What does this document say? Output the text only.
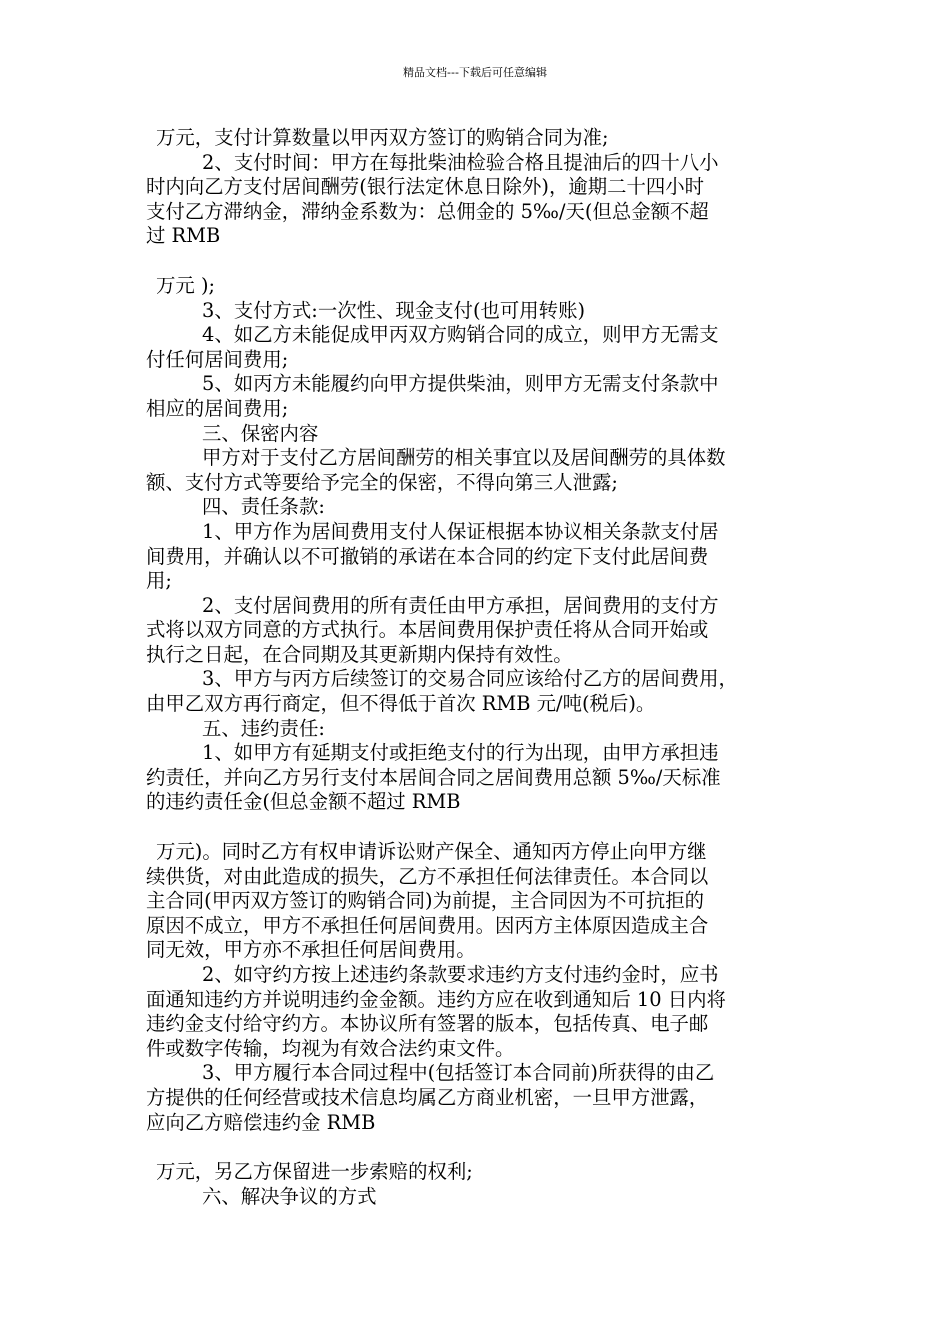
精品文档---下载后可任意编辑
万元，支付计算数量以甲丙双方签订的购销合同为准;
2、支付时间：甲方在每批柴油检验合格且提油后的四十八小
时内向乙方支付居间酬劳(银行法定休息日除外)，逾期二十四小时
支付乙方滞纳金，滞纳金系数为：总佣金的 5‰/天(但总金额不超
过 RMB
万元 );
3、支付方式:一次性、现金支付(也可用转账)
4、如乙方未能促成甲丙双方购销合同的成立，则甲方无需支
付任何居间费用;
5、如丙方未能履约向甲方提供柴油，则甲方无需支付条款中
相应的居间费用;
三、保密内容
甲方对于支付乙方居间酬劳的相关事宜以及居间酬劳的具体数
额、支付方式等要给予完全的保密，不得向第三人泄露;
四、责任条款:
1、甲方作为居间费用支付人保证根据本协议相关条款支付居
间费用，并确认以不可撤销的承诺在本合同的约定下支付此居间费
用;
2、支付居间费用的所有责任由甲方承担，居间费用的支付方
式将以双方同意的方式执行。本居间费用保护责任将从合同开始或
执行之日起，在合同期及其更新期内保持有效性。
3、甲方与丙方后续签订的交易合同应该给付乙方的居间费用，
由甲乙双方再行商定，但不得低于首次 RMB 元/吨(税后)。
五、违约责任:
1、如甲方有延期支付或拒绝支付的行为出现，由甲方承担违
约责任，并向乙方另行支付本居间合同之居间费用总额 5‰/天标准
的违约责任金(但总金额不超过 RMB
万元)。同时乙方有权申请诉讼财产保全、通知丙方停止向甲方继
续供货，对由此造成的损失，乙方不承担任何法律责任。本合同以
主合同(甲丙双方签订的购销合同)为前提，主合同因为不可抗拒的
原因不成立，甲方不承担任何居间费用。因丙方主体原因造成主合
同无效，甲方亦不承担任何居间费用。
2、如守约方按上述违约条款要求违约方支付违约金时，应书
面通知违约方并说明违约金金额。违约方应在收到通知后 10 日内将
违约金支付给守约方。本协议所有签署的版本，包括传真、电子邮
件或数字传输，均视为有效合法约束文件。
3、甲方履行本合同过程中(包括签订本合同前)所获得的由乙
方提供的任何经营或技术信息均属乙方商业机密，一旦甲方泄露，
应向乙方赔偿违约金 RMB
万元，另乙方保留进一步索赔的权利;
六、解决争议的方式
